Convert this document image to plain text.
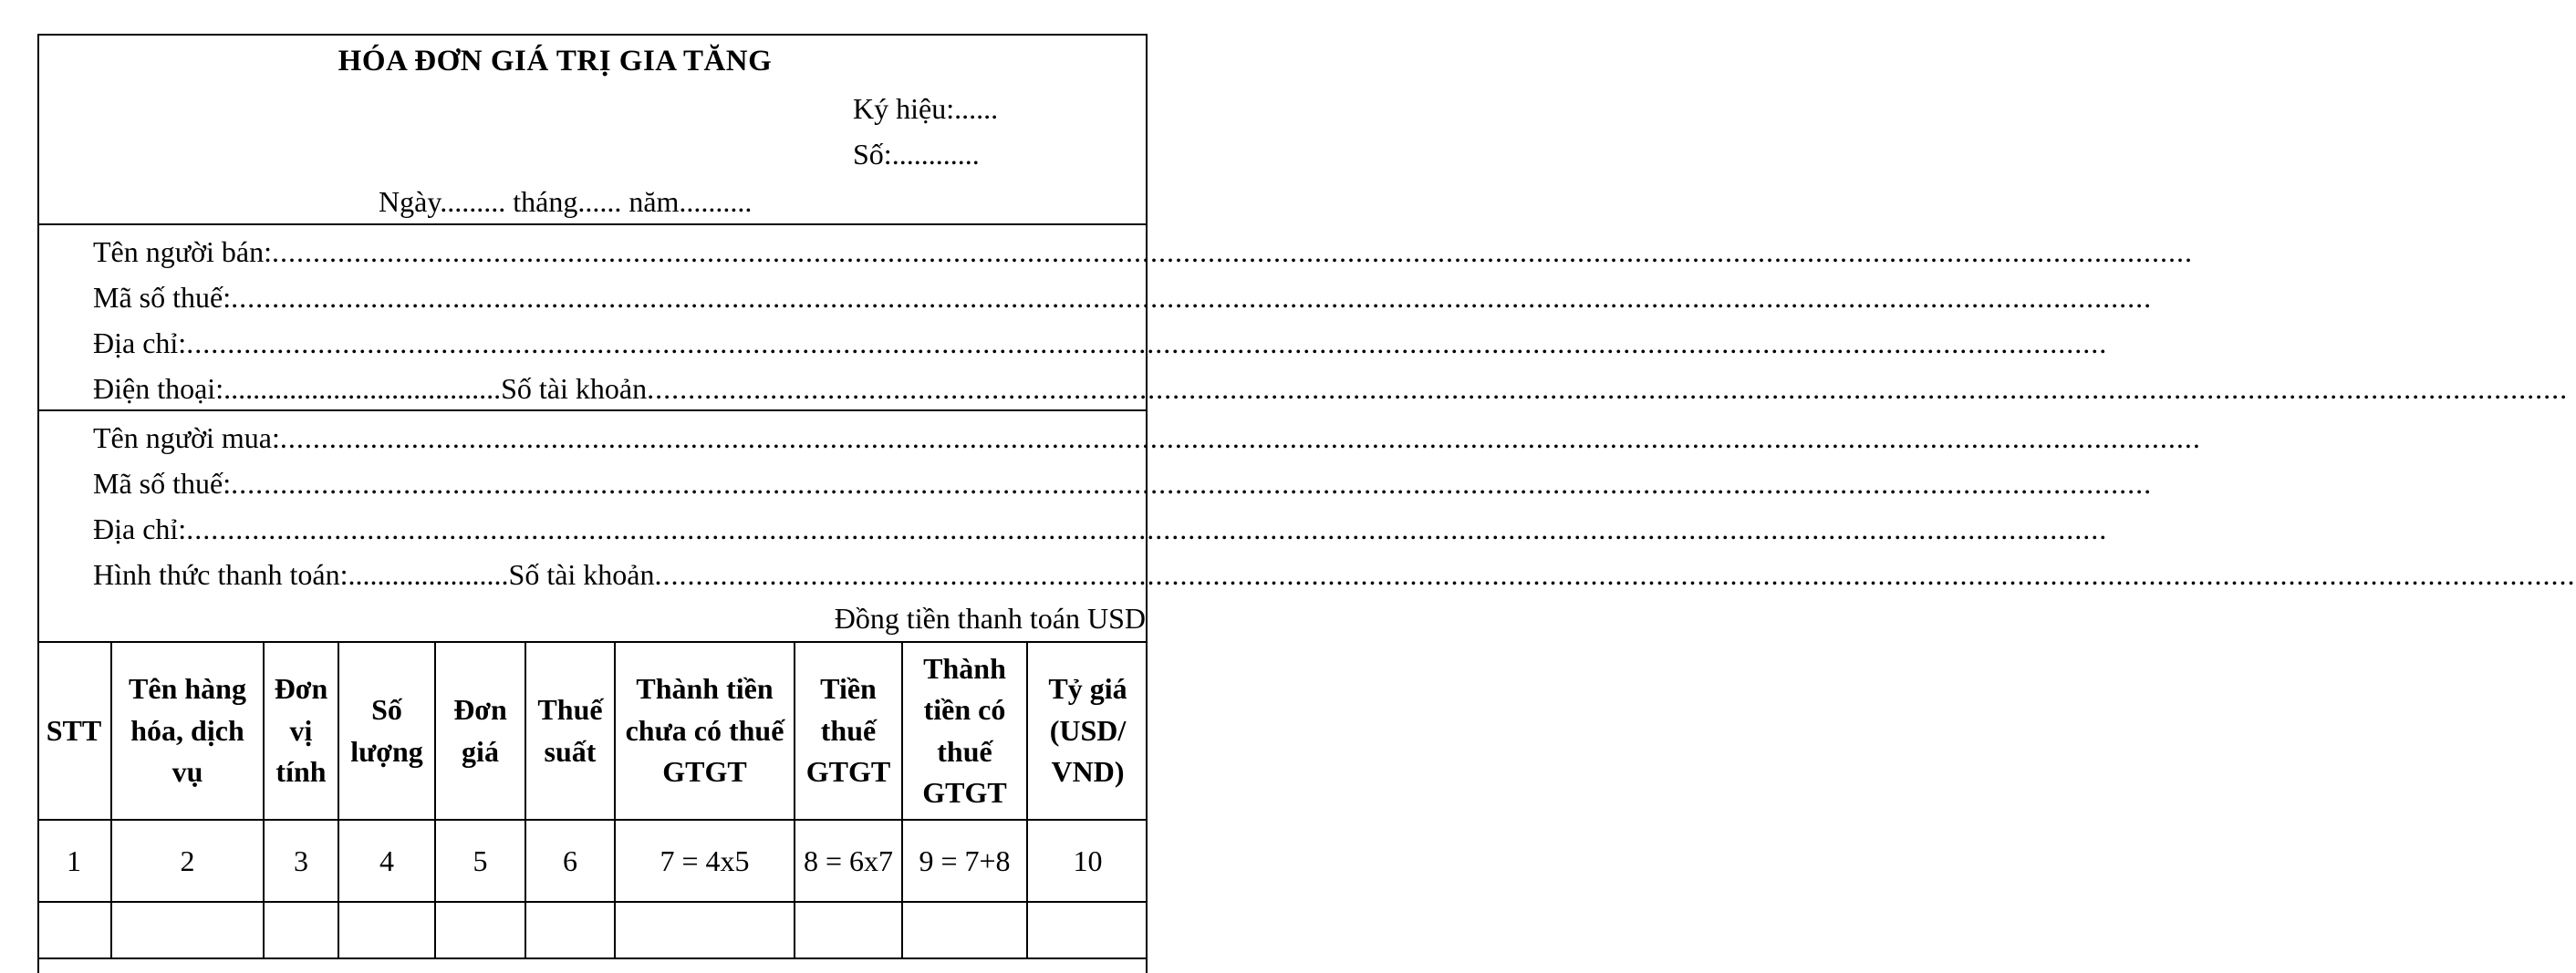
HÓA ĐƠN GIÁ TRỊ GIA TĂNG
Ký hiệu:......
Số:............
Ngày......... tháng...... năm..........
Tên người bán: ..........................................................................................................................................................................................................................................
Mã số thuế: ..........................................................................................................................................................................................................................................
Địa chỉ: ..........................................................................................................................................................................................................................................
Điện thoại: ...................................... Số tài khoản ..........................................................................................................................................................................................................................................
Tên người mua: ..........................................................................................................................................................................................................................................
Mã số thuế: ..........................................................................................................................................................................................................................................
Địa chỉ: ..........................................................................................................................................................................................................................................
Hình thức thanh toán: ...................... Số tài khoản ..........................................................................................................................................................................................................................................
Đồng tiền thanh toán USD
STT	Tên hàng hóa, dịch vụ	Đơn vị tính	Số lượng	Đơn giá	Thuế suất	Thành tiền chưa có thuế GTGT	Tiền thuế GTGT	Thành tiền có thuế GTGT	Tỷ giá (USD/ VND)
1	2	3	4	5	6	7 = 4x5	8 = 6x7	9 = 7+8	10
